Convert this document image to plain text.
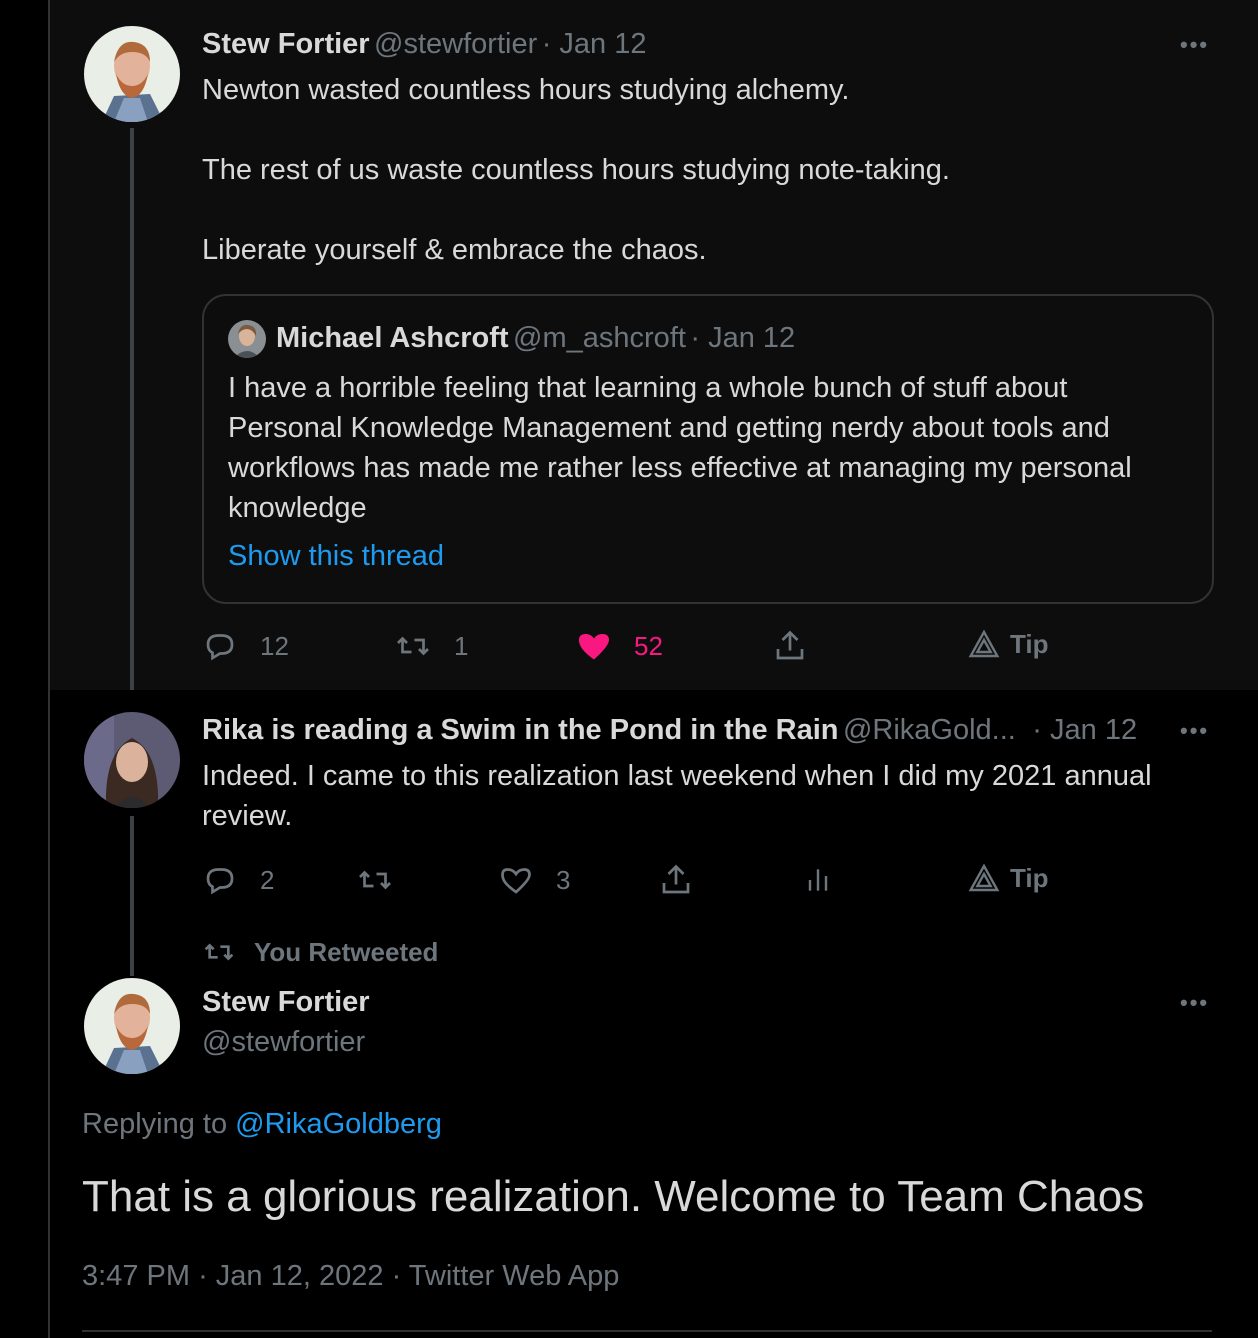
Stew Fortier @stewfortier · Jan 12	•••
Newton wasted countless hours studying alchemy.
The rest of us waste countless hours studying note-taking.
Liberate yourself & embrace the chaos.
Michael Ashcroft @m_ashcroft · Jan 12
I have a horrible feeling that learning a whole bunch of stuff about Personal Knowledge Management and getting nerdy about tools and workflows has made me rather less effective at managing my personal knowledge
Show this thread
12	1	52	Tip
Rika is reading a Swim in the Pond in the Rain @RikaGold... · Jan 12 •••
Indeed. I came to this realization last weekend when I did my 2021 annual review.
2	3	Tip
You Retweeted
Stew Fortier
@stewfortier
•••
Replying to @RikaGoldberg
That is a glorious realization. Welcome to Team Chaos
3:47 PM · Jan 12, 2022 · Twitter Web App
